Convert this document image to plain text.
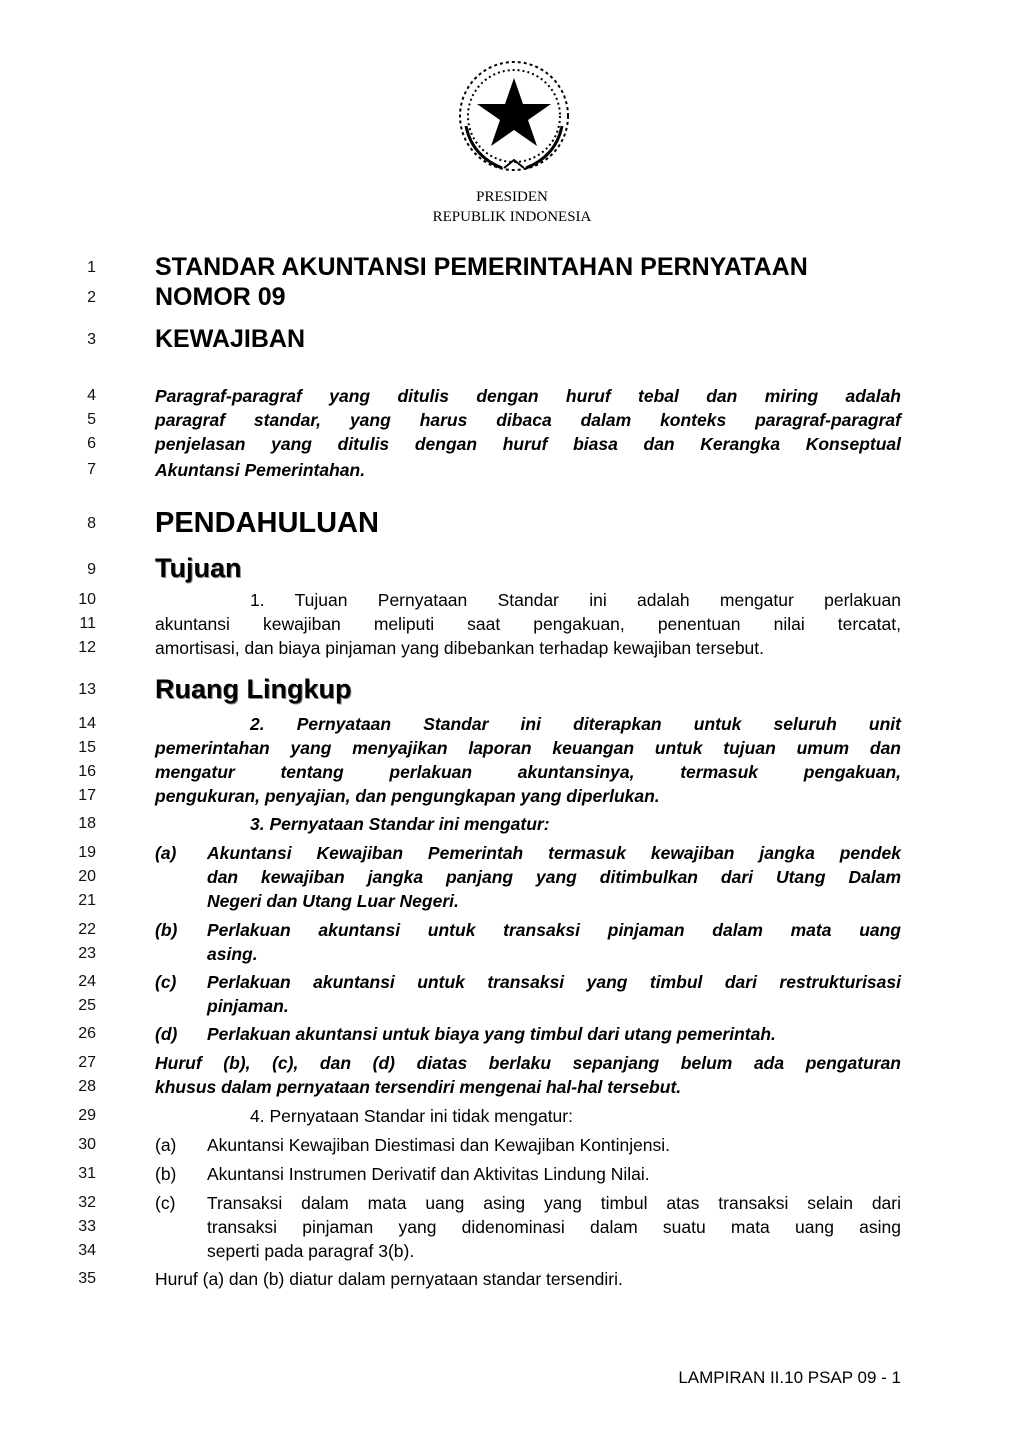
PRESIDEN
REPUBLIK INDONESIA
1
2
3
4
5
6
7
8
9
10
11
12
13
14
15
16
17
18
19
20
21
22
23
24
25
26
27
28
29
30
31
32
33
34
35
STANDAR AKUNTANSI PEMERINTAHAN PERNYATAAN
NOMOR 09
KEWAJIBAN
Paragraf-paragraf yang ditulis dengan huruf tebal dan miring adalah
paragraf standar, yang harus dibaca dalam konteks paragraf-paragraf
penjelasan yang ditulis dengan huruf biasa dan Kerangka Konseptual
Akuntansi Pemerintahan.
PENDAHULUAN
Tujuan
1. Tujuan Pernyataan Standar ini adalah mengatur perlakuan
akuntansi kewajiban meliputi saat pengakuan, penentuan nilai tercatat,
amortisasi, dan biaya pinjaman yang dibebankan terhadap kewajiban tersebut.
Ruang Lingkup
2. Pernyataan Standar ini diterapkan untuk seluruh unit
pemerintahan yang menyajikan laporan keuangan untuk tujuan umum dan
mengatur tentang perlakuan akuntansinya, termasuk pengakuan,
pengukuran, penyajian, dan pengungkapan yang diperlukan.
3. Pernyataan Standar ini mengatur:
(a)	Akuntansi Kewajiban Pemerintah termasuk kewajiban jangka pendek
dan kewajiban jangka panjang yang ditimbulkan dari Utang Dalam
Negeri dan Utang Luar Negeri.
(b)	Perlakuan akuntansi untuk transaksi pinjaman dalam mata uang
asing.
(c)	Perlakuan akuntansi untuk transaksi yang timbul dari restrukturisasi
pinjaman.
(d)	Perlakuan akuntansi untuk biaya yang timbul dari utang pemerintah.
Huruf (b), (c), dan (d) diatas berlaku sepanjang belum ada pengaturan
khusus dalam pernyataan tersendiri mengenai hal-hal tersebut.
4. Pernyataan Standar ini tidak mengatur:
(a)	Akuntansi Kewajiban Diestimasi dan Kewajiban Kontinjensi.
(b)	Akuntansi Instrumen Derivatif dan Aktivitas Lindung Nilai.
(c)	Transaksi dalam mata uang asing yang timbul atas transaksi selain dari
transaksi pinjaman yang didenominasi dalam suatu mata uang asing
seperti pada paragraf 3(b).
Huruf (a) dan (b) diatur dalam pernyataan standar tersendiri.
LAMPIRAN II.10 PSAP 09 - 1
